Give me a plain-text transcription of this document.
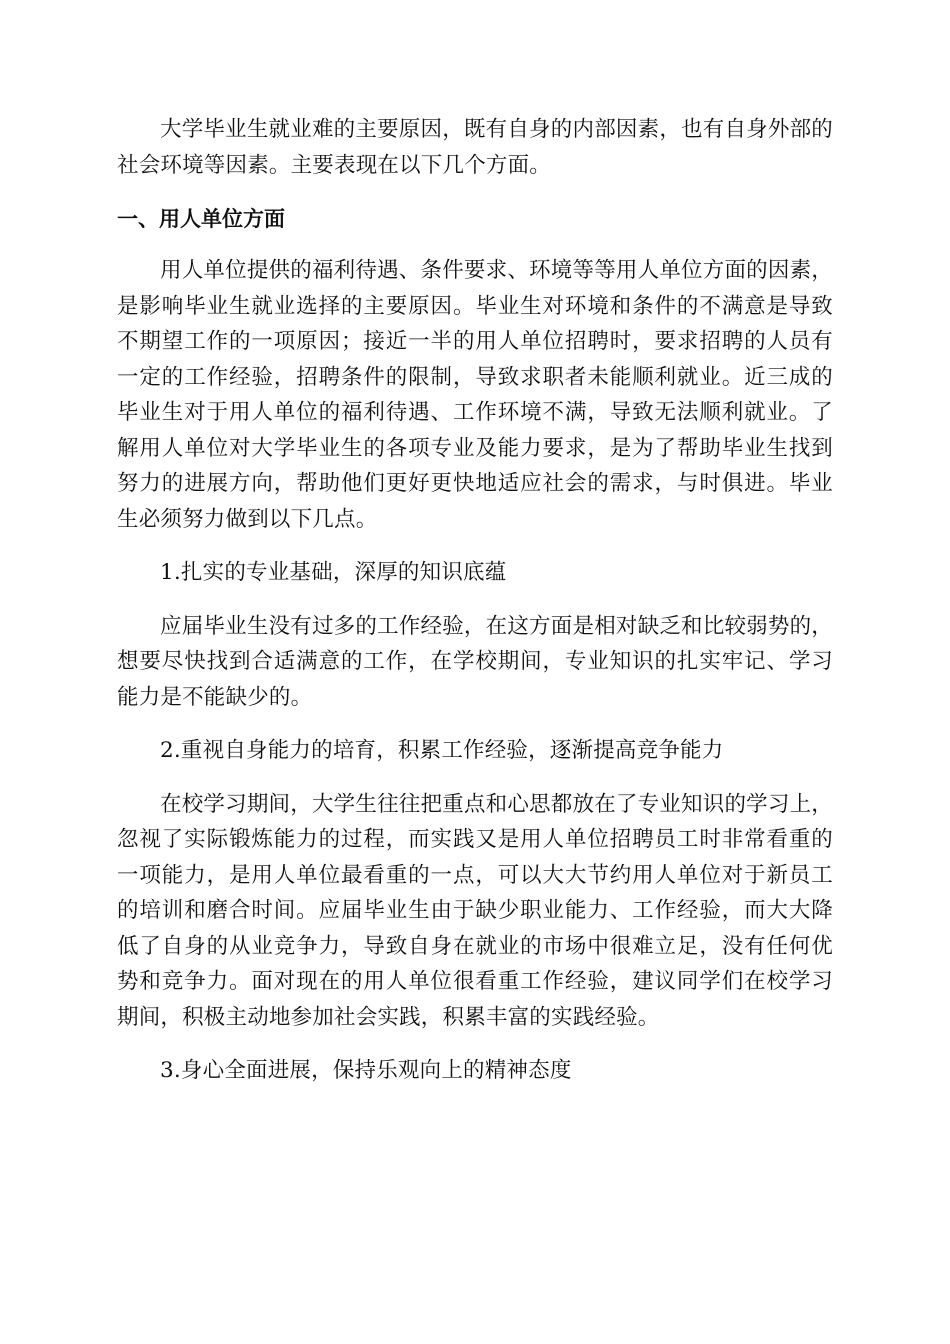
大学毕业生就业难的主要原因，既有自身的内部因素，也有自身外部的社会环境等因素。主要表现在以下几个方面。

一、用人单位方面

用人单位提供的福利待遇、条件要求、环境等等用人单位方面的因素，是影响毕业生就业选择的主要原因。毕业生对环境和条件的不满意是导致不期望工作的一项原因；接近一半的用人单位招聘时，要求招聘的人员有一定的工作经验，招聘条件的限制，导致求职者未能顺利就业。近三成的毕业生对于用人单位的福利待遇、工作环境不满，导致无法顺利就业。了解用人单位对大学毕业生的各项专业及能力要求，是为了帮助毕业生找到努力的进展方向，帮助他们更好更快地适应社会的需求，与时俱进。毕业生必须努力做到以下几点。

1.扎实的专业基础，深厚的知识底蕴

应届毕业生没有过多的工作经验，在这方面是相对缺乏和比较弱势的，想要尽快找到合适满意的工作，在学校期间，专业知识的扎实牢记、学习能力是不能缺少的。

2.重视自身能力的培育，积累工作经验，逐渐提高竞争能力

在校学习期间，大学生往往把重点和心思都放在了专业知识的学习上，忽视了实际锻炼能力的过程，而实践又是用人单位招聘员工时非常看重的一项能力，是用人单位最看重的一点，可以大大节约用人单位对于新员工的培训和磨合时间。应届毕业生由于缺少职业能力、工作经验，而大大降低了自身的从业竞争力，导致自身在就业的市场中很难立足，没有任何优势和竞争力。面对现在的用人单位很看重工作经验，建议同学们在校学习期间，积极主动地参加社会实践，积累丰富的实践经验。

3.身心全面进展，保持乐观向上的精神态度
